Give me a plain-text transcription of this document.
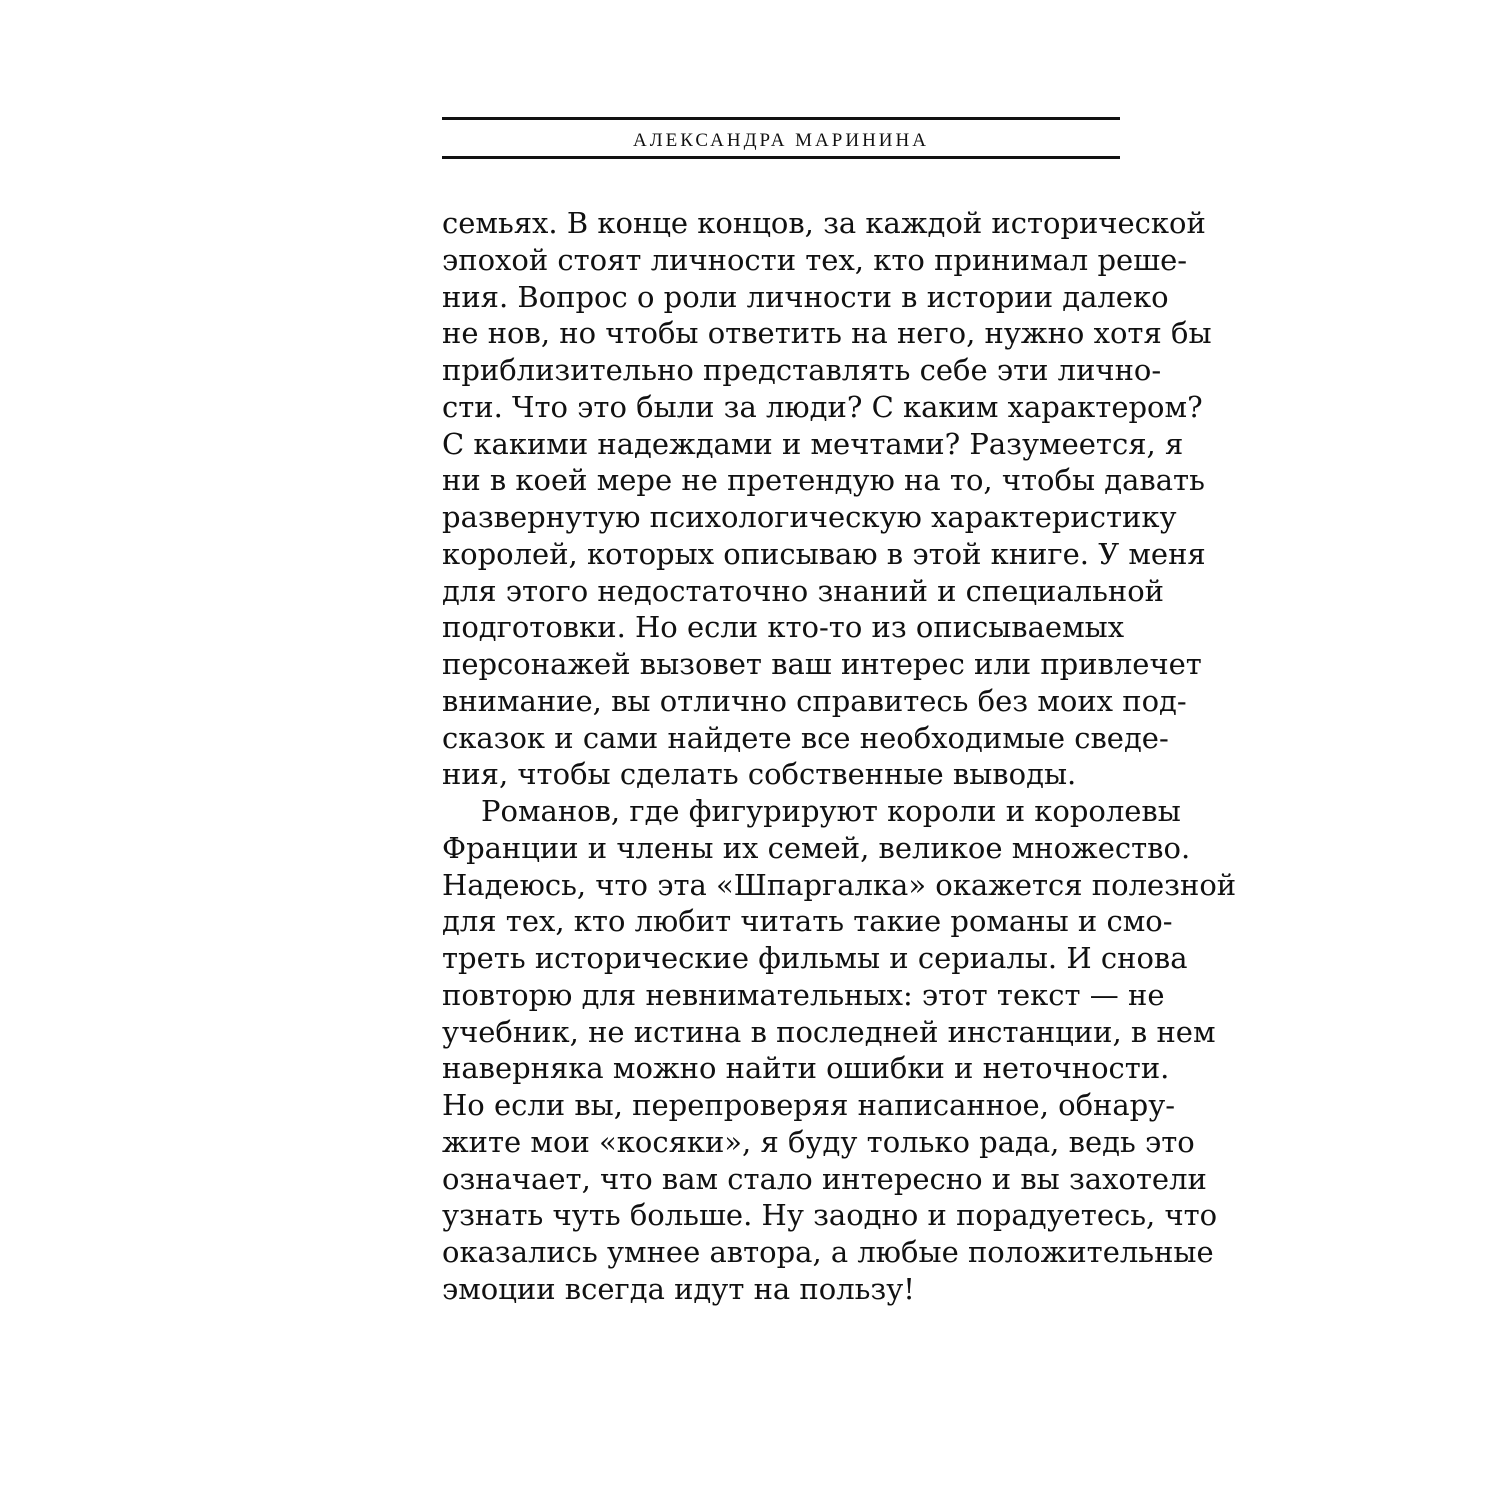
АЛЕКСАНДРА МАРИНИНА
семьях. В конце концов, за каждой исторической
эпохой стоят личности тех, кто принимал реше-
ния. Вопрос о роли личности в истории далеко
не нов, но чтобы ответить на него, нужно хотя бы
приблизительно представлять себе эти лично-
сти. Что это были за люди? С каким характером?
С какими надеждами и мечтами? Разумеется, я
ни в коей мере не претендую на то, чтобы давать
развернутую психологическую характеристику
королей, которых описываю в этой книге. У меня
для этого недостаточно знаний и специальной
подготовки. Но если кто-то из описываемых
персонажей вызовет ваш интерес или привлечет
внимание, вы отлично справитесь без моих под-
сказок и сами найдете все необходимые сведе-
ния, чтобы сделать собственные выводы.
Романов, где фигурируют короли и королевы
Франции и члены их семей, великое множество.
Надеюсь, что эта «Шпаргалка» окажется полезной
для тех, кто любит читать такие романы и смо-
треть исторические фильмы и сериалы. И снова
повторю для невнимательных: этот текст — не
учебник, не истина в последней инстанции, в нем
наверняка можно найти ошибки и неточности.
Но если вы, перепроверяя написанное, обнару-
жите мои «косяки», я буду только рада, ведь это
означает, что вам стало интересно и вы захотели
узнать чуть больше. Ну заодно и порадуетесь, что
оказались умнее автора, а любые положительные
эмоции всегда идут на пользу!
